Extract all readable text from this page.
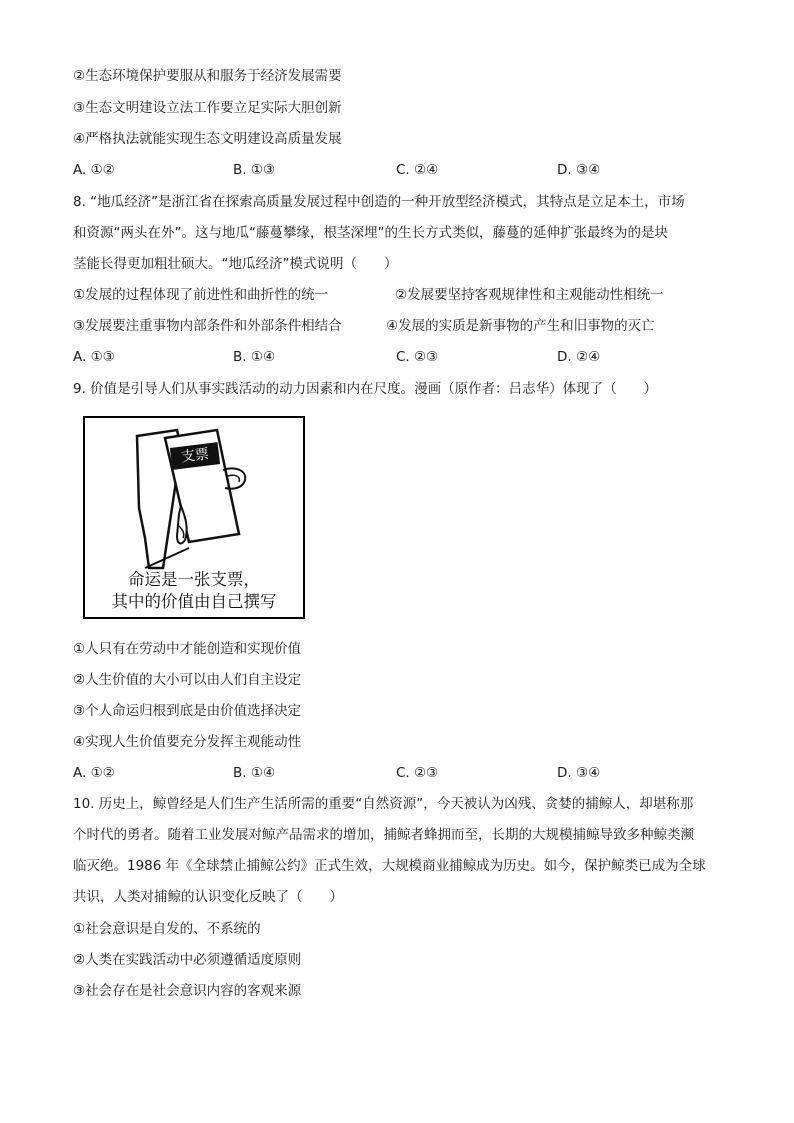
②生态环境保护要服从和服务于经济发展需要
③生态文明建设立法工作要立足实际大胆创新
④严格执法就能实现生态文明建设高质量发展
A. ①②	B. ①③	C. ②④	D. ③④
8. “地瓜经济”是浙江省在探索高质量发展过程中创造的一种开放型经济模式，其特点是立足本土，市场
和资源“两头在外”。这与地瓜“藤蔓攀缘，根茎深埋”的生长方式类似，藤蔓的延伸扩张最终为的是块
茎能长得更加粗壮硕大。“地瓜经济”模式说明（　　）
①发展的过程体现了前进性和曲折性的统一	②发展要坚持客观规律性和主观能动性相统一
③发展要注重事物内部条件和外部条件相结合	④发展的实质是新事物的产生和旧事物的灭亡
A. ①③	B. ①④	C. ②③	D. ②④
9. 价值是引导人们从事实践活动的动力因素和内在尺度。漫画（原作者：吕志华）体现了（　　）
支票
命运是一张支票，
其中的价值由自己撰写
①人只有在劳动中才能创造和实现价值
②人生价值的大小可以由人们自主设定
③个人命运归根到底是由价值选择决定
④实现人生价值要充分发挥主观能动性
A. ①②	B. ①④	C. ②③	D. ③④
10. 历史上，鲸曾经是人们生产生活所需的重要“自然资源”，今天被认为凶残、贪婪的捕鲸人，却堪称那
个时代的勇者。随着工业发展对鲸产品需求的增加，捕鲸者蜂拥而至，长期的大规模捕鲸导致多种鲸类濒
临灭绝。1986 年《全球禁止捕鲸公约》正式生效，大规模商业捕鲸成为历史。如今，保护鲸类已成为全球
共识，人类对捕鲸的认识变化反映了（　　）
①社会意识是自发的、不系统的
②人类在实践活动中必须遵循适度原则
③社会存在是社会意识内容的客观来源
